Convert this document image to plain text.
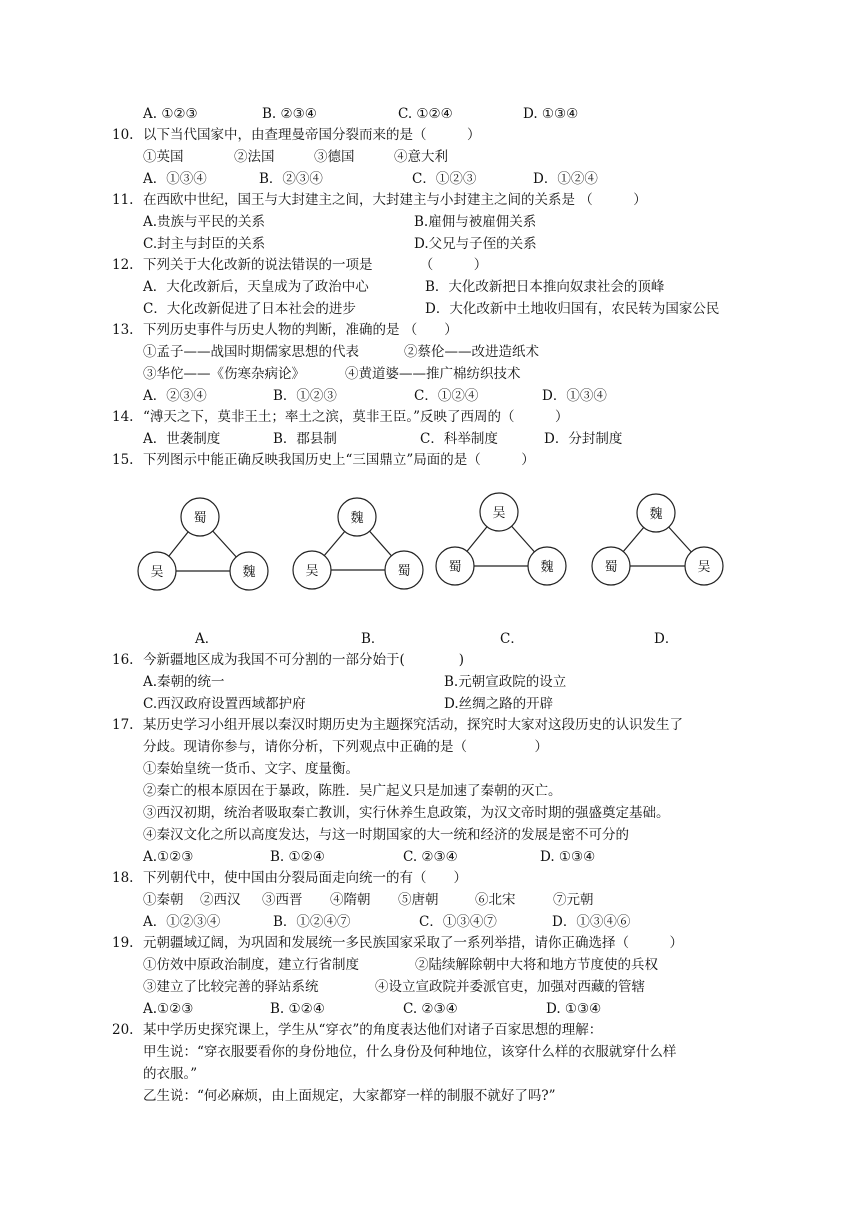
A. ①②③	B. ②③④	C. ①②④	D. ①③④
10. 以下当代国家中，由查理曼帝国分裂而来的是（　　　）
①英国	②法国	③德国	④意大利
A．①③④	B．②③④	C．①②③	D．①②④
11. 在西欧中世纪，国王与大封建主之间，大封建主与小封建主之间的关系是 （　　　）
A.贵族与平民的关系	B.雇佣与被雇佣关系
C.封主与封臣的关系	D.父兄与子侄的关系
12. 下列关于大化改新的说法错误的一项是　　　　（　　　）
A．大化改新后，天皇成为了政治中心	B．大化改新把日本推向奴隶社会的顶峰
C．大化改新促进了日本社会的进步	D．大化改新中土地收归国有，农民转为国家公民
13. 下列历史事件与历史人物的判断，准确的是 （　　）
①孟子——战国时期儒家思想的代表	②蔡伦——改进造纸术
③华佗——《伤寒杂病论》	④黄道婆——推广棉纺织技术
A．②③④	B．①②③	C．①②④	D．①③④
14. “溥天之下，莫非王土；率土之滨，莫非王臣。”反映了西周的（　　　）
A．世袭制度	B．郡县制	C．科举制度	D．分封制度
15. 下列图示中能正确反映我国历史上“三国鼎立”局面的是（　　　）
蜀
吴	魏
魏
吴	蜀
吴
蜀	魏
魏
蜀	吴
A．	B．	C．	D．
16. 今新疆地区成为我国不可分割的一部分始于(　　　　)
A.秦朝的统一	B.元朝宣政院的设立
C.西汉政府设置西域都护府	D.丝绸之路的开辟
17. 某历史学习小组开展以秦汉时期历史为主题探究活动，探究时大家对这段历史的认识发生了
分歧。现请你参与，请你分析，下列观点中正确的是（　　　　　）
①秦始皇统一货币、文字、度量衡。
②秦亡的根本原因在于暴政，陈胜．吴广起义只是加速了秦朝的灭亡。
③西汉初期，统治者吸取秦亡教训，实行休养生息政策，为汉文帝时期的强盛奠定基础。
④秦汉文化之所以高度发达，与这一时期国家的大一统和经济的发展是密不可分的
A.①②③	B. ①②④	C. ②③④	D. ①③④
18. 下列朝代中，使中国由分裂局面走向统一的有（　　）
①秦朝 ②西汉 ③西晋 ④隋朝 ⑤唐朝	⑥北宋	⑦元朝
A．①②③④	B．①②④⑦	C．①③④⑦	D．①③④⑥
19. 元朝疆域辽阔，为巩固和发展统一多民族国家采取了一系列举措，请你正确选择（　　　）
①仿效中原政治制度，建立行省制度	②陆续解除朝中大将和地方节度使的兵权
③建立了比较完善的驿站系统	④设立宣政院并委派官吏，加强对西藏的管辖
A.①②③	B. ①②④	C. ②③④	D. ①③④
20. 某中学历史探究课上，学生从“穿衣”的角度表达他们对诸子百家思想的理解：
甲生说：“穿衣服要看你的身份地位，什么身份及何种地位，该穿什么样的衣服就穿什么样
的衣服。”
乙生说：“何必麻烦，由上面规定，大家都穿一样的制服不就好了吗?”
